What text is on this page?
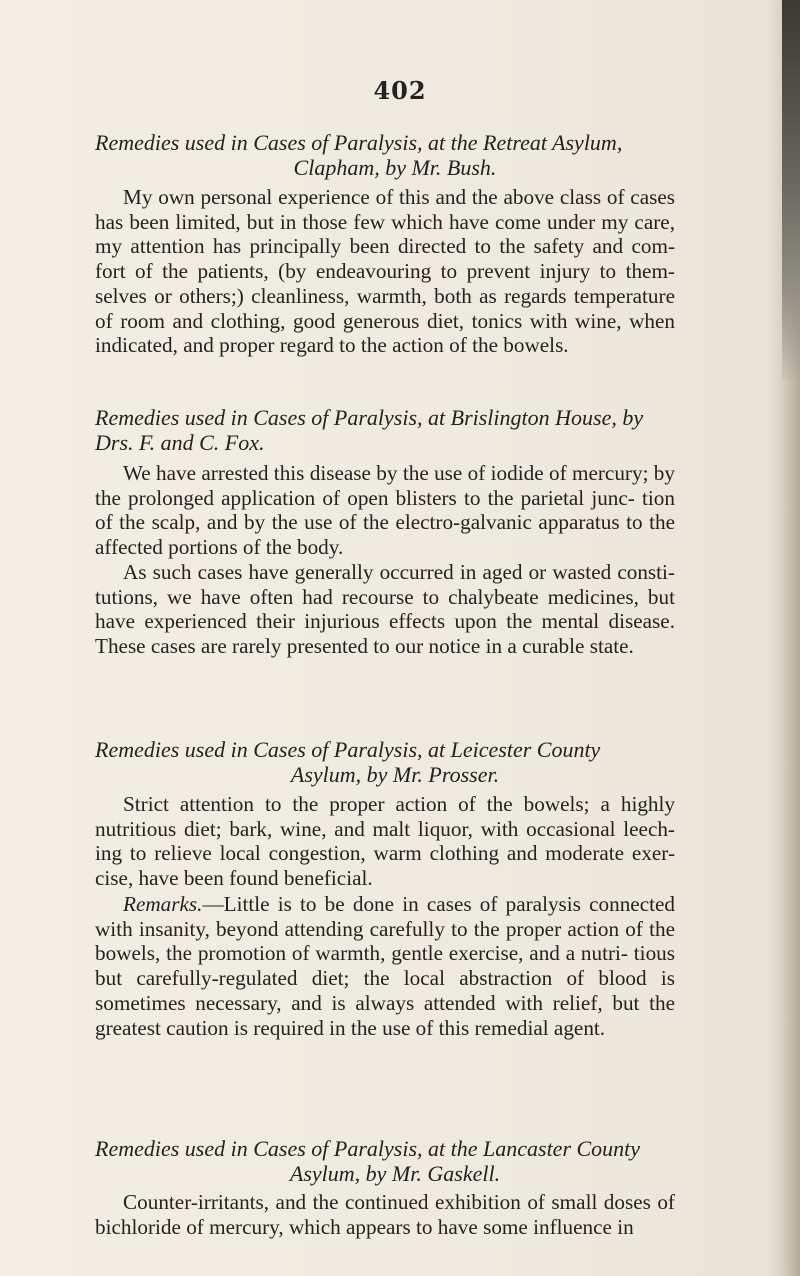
402
Remedies used in Cases of Paralysis, at the Retreat Asylum,
Clapham, by Mr. Bush.
My own personal experience of this and the above class of cases has been limited, but in those few which have come under my care, my attention has principally been directed to the safety and com- fort of the patients, (by endeavouring to prevent injury to them- selves or others;) cleanliness, warmth, both as regards temperature of room and clothing, good generous diet, tonics with wine, when indicated, and proper regard to the action of the bowels.
Remedies used in Cases of Paralysis, at Brislington House, by
Drs. F. and C. Fox.
We have arrested this disease by the use of iodide of mercury; by the prolonged application of open blisters to the parietal junc- tion of the scalp, and by the use of the electro-galvanic apparatus to the affected portions of the body.
As such cases have generally occurred in aged or wasted consti- tutions, we have often had recourse to chalybeate medicines, but have experienced their injurious effects upon the mental disease. These cases are rarely presented to our notice in a curable state.
Remedies used in Cases of Paralysis, at Leicester County
Asylum, by Mr. Prosser.
Strict attention to the proper action of the bowels; a highly nutritious diet; bark, wine, and malt liquor, with occasional leech- ing to relieve local congestion, warm clothing and moderate exer- cise, have been found beneficial.
Remarks.—Little is to be done in cases of paralysis connected with insanity, beyond attending carefully to the proper action of the bowels, the promotion of warmth, gentle exercise, and a nutri- tious but carefully-regulated diet; the local abstraction of blood is sometimes necessary, and is always attended with relief, but the greatest caution is required in the use of this remedial agent.
Remedies used in Cases of Paralysis, at the Lancaster County
Asylum, by Mr. Gaskell.
Counter-irritants, and the continued exhibition of small doses of bichloride of mercury, which appears to have some influence in
